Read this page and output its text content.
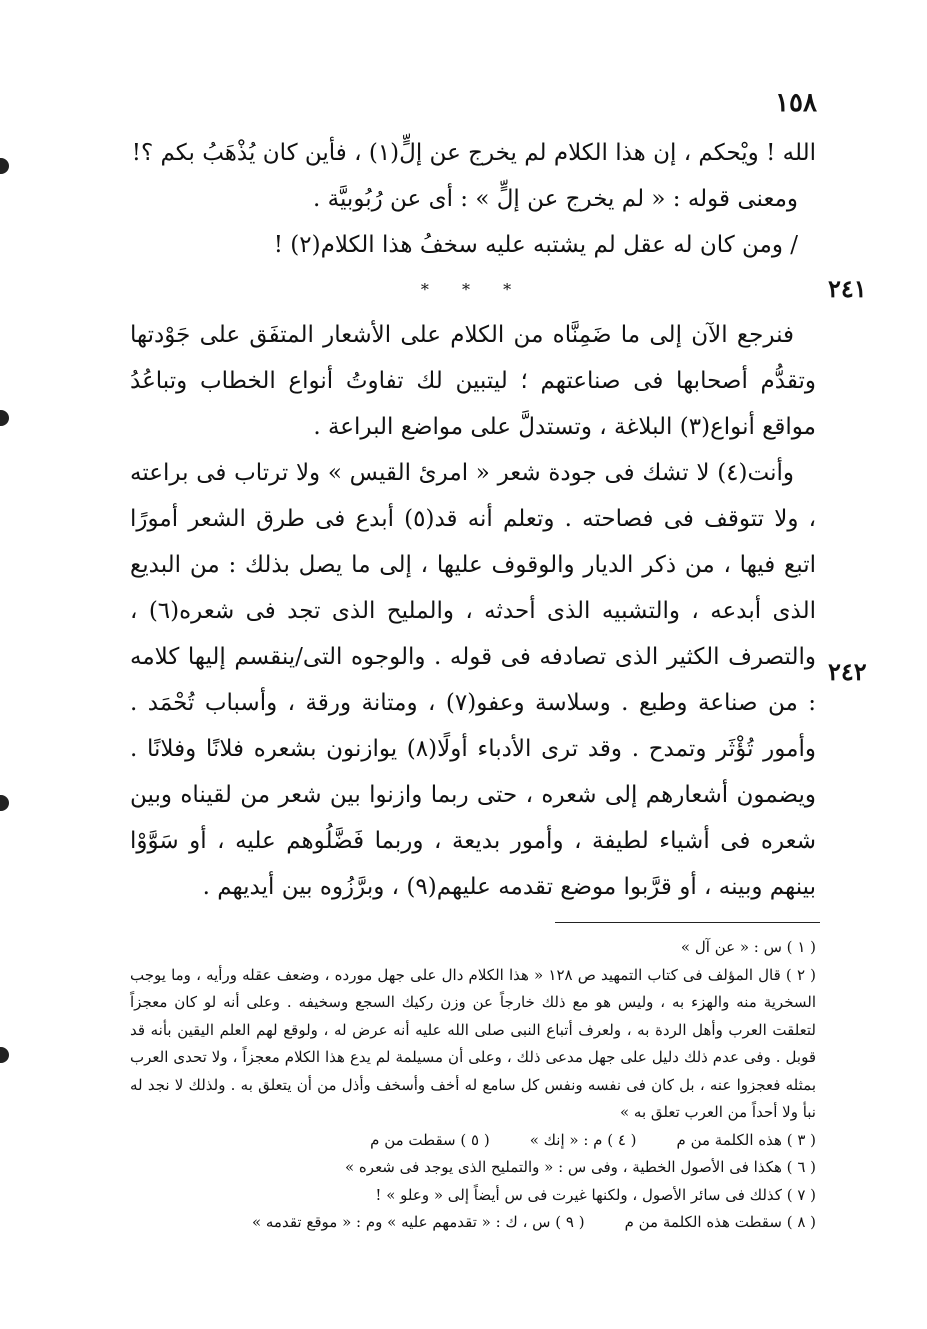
١٥٨
٢٤١
٢٤٢

الله ! ويْحكم ، إن هذا الكلام لم يخرج عن إلٍّ(١) ، فأين كان يُذْهَبُ بكم ؟!

ومعنى قوله : « لم يخرج عن إلٍّ » : أى عن رُبُوبيَّة .

/ ومن كان له عقل لم يشتبه عليه سخفُ هذا الكلام(٢) !

* * *

فنرجع الآن إلى ما ضَمِنَّاه من الكلام على الأشعار المتفَق على جَوْدتها وتقدُّم أصحابها فى صناعتهم ؛ ليتبين لك تفاوتُ أنواع الخطاب وتباعُدُ مواقع أنواع(٣) البلاغة ، وتستدلَّ على مواضع البراعة .

وأنت(٤) لا تشك فى جودة شعر « امرئ القيس » ولا ترتاب فى براعته ، ولا تتوقف فى فصاحته . وتعلم أنه قد(٥) أبدع فى طرق الشعر أمورًا اتبع فيها ، من ذكر الديار والوقوف عليها ، إلى ما يصل بذلك : من البديع الذى أبدعه ، والتشبيه الذى أحدثه ، والمليح الذى تجد فى شعره(٦) ، والتصرف الكثير الذى تصادفه فى قوله . والوجوه التى/ينقسم إليها كلامه : من صناعة وطبع . وسلاسة وعفو(٧) ، ومتانة ورقة ، وأسباب تُحْمَد . وأمور تُؤْثَر وتمدح . وقد ترى الأدباء أولًا(٨) يوازنون بشعره فلانًا وفلانًا . ويضمون أشعارهم إلى شعره ، حتى ربما وازنوا بين شعر من لقيناه وبين شعره فى أشياء لطيفة ، وأمور بديعة ، وربما فَضَّلُوهم عليه ، أو سَوَّوْا بينهم وبينه ، أو قرَّبوا موضع تقدمه عليهم(٩) ، وبرَّزُوه بين أيديهم .

( ١ ) س : « عن آل »

( ٢ ) قال المؤلف فى كتاب التمهيد ص ١٢٨ « هذا الكلام دال على جهل مورده ، وضعف عقله ورأيه ، وما يوجب السخرية منه والهزء به ، وليس هو مع ذلك خارجاً عن وزن ركيك السجع وسخيفه . وعلى أنه لو كان معجزاً لتعلقت العرب وأهل الردة به ، ولعرف أتباع النبى صلى الله عليه أنه عرض له ، ولوقع لهم العلم اليقين بأنه قد قوبل . وفى عدم ذلك دليل على جهل مدعى ذلك ، وعلى أن مسيلمة لم يدع هذا الكلام معجزاً ، ولا تحدى العرب بمثله فعجزوا عنه ، بل كان فى نفسه ونفس كل سامع له أخف وأسخف وأذل من أن يتعلق به . ولذلك لا نجد له نبأ ولا أحداً من العرب تعلق به »

( ٣ ) هذه الكلمة من م
( ٤ ) م : « إنك »
( ٥ ) سقطت من م

( ٦ ) هكذا فى الأصول الخطية ، وفى س : « والتمليح الذى يوجد فى شعره »

( ٧ ) كذلك فى سائر الأصول ، ولكنها غيرت فى س أيضاً إلى « وعلو » !

( ٨ ) سقطت هذه الكلمة من م
( ٩ ) س ، ك : « تقدمهم عليه » وم : « موقع تقدمه »
